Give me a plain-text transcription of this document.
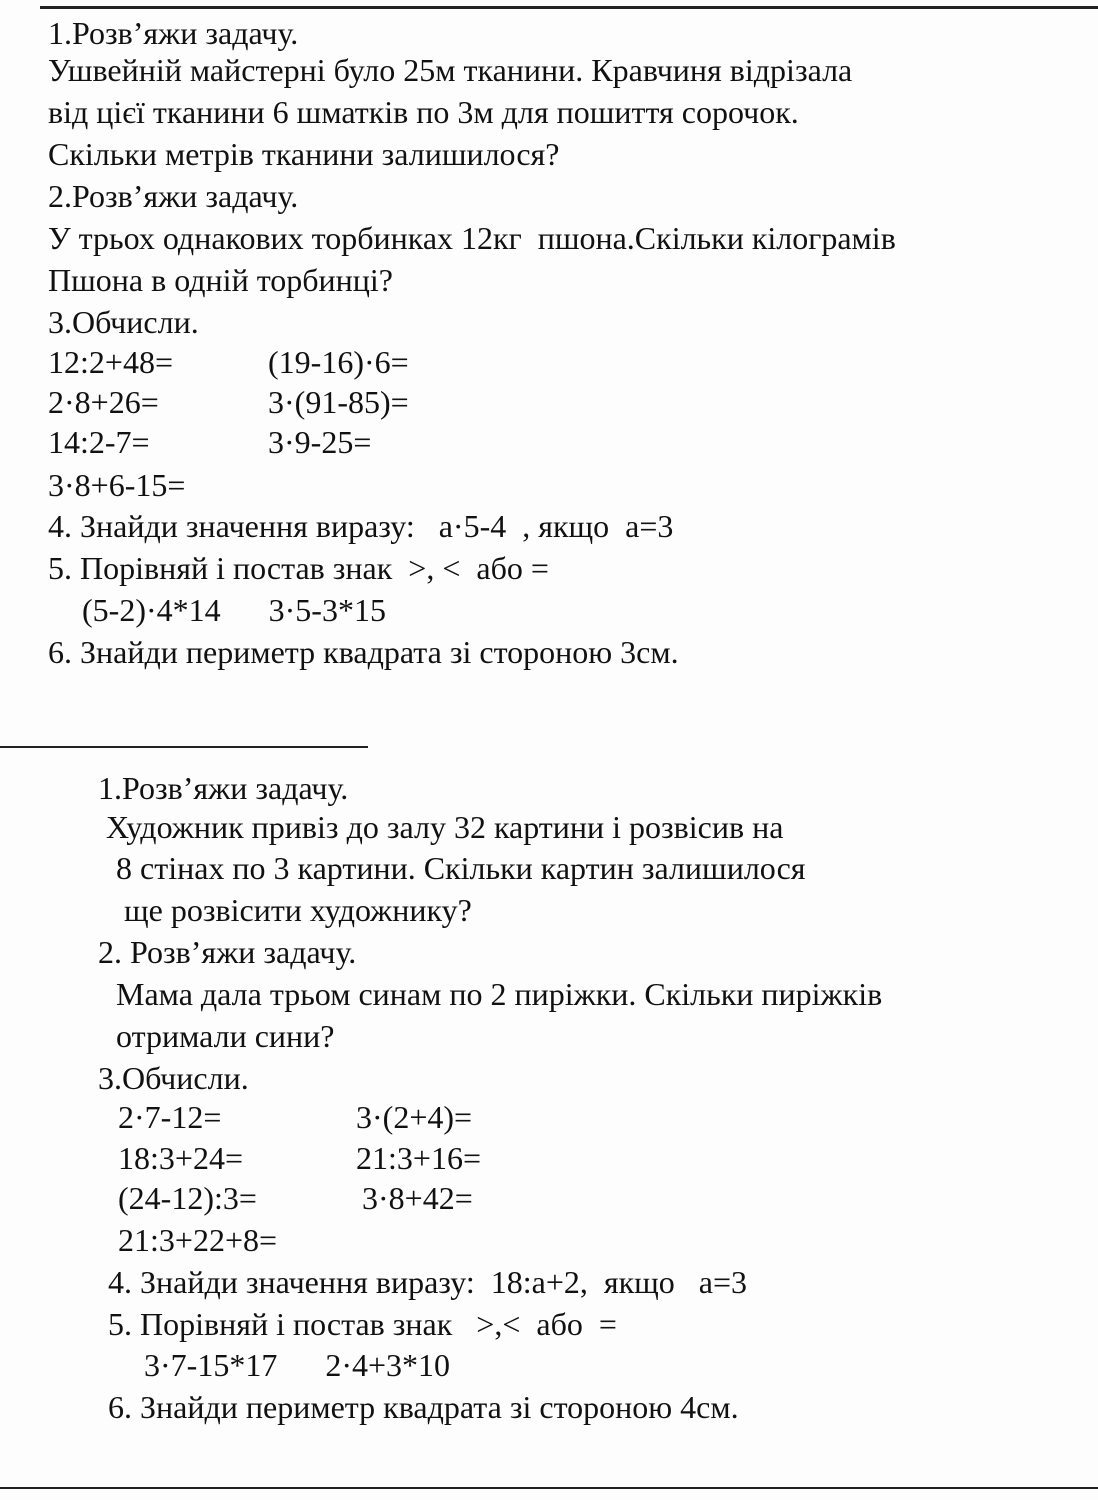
1.Розв’яжи задачу.
Ушвейній майстерні було 25м тканини. Кравчиня відрізала
від цієї тканини 6 шматків по 3м для пошиття сорочок.
Скільки метрів тканини залишилося?
2.Розв’яжи задачу.
У трьох однакових торбинках 12кг  пшона.Скільки кілограмів
Пшона в одній торбинці?
3.Обчисли.
12:2+48=	(19-16)·6=
2·8+26=	3·(91-85)=
14:2-7=	3·9-25=
3·8+6-15=
4. Знайди значення виразу:   а·5-4  , якщо  а=3
5. Порівняй і постав знак  >, <  або =
(5-2)·4*14      3·5-3*15
6. Знайди периметр квадрата зі стороною 3см.
1.Розв’яжи задачу.
Художник привіз до залу 32 картини і розвісив на
8 стінах по 3 картини. Скільки картин залишилося
ще розвісити художнику?
2. Розв’яжи задачу.
Мама дала трьом синам по 2 пиріжки. Скільки пиріжків
отримали сини?
3.Обчисли.
2·7-12=	3·(2+4)=
18:3+24=	21:3+16=
(24-12):3=	3·8+42=
21:3+22+8=
4. Знайди значення виразу:  18:а+2,  якщо   а=3
5. Порівняй і постав знак   >,<  або  =
3·7-15*17      2·4+3*10
6. Знайди периметр квадрата зі стороною 4см.
